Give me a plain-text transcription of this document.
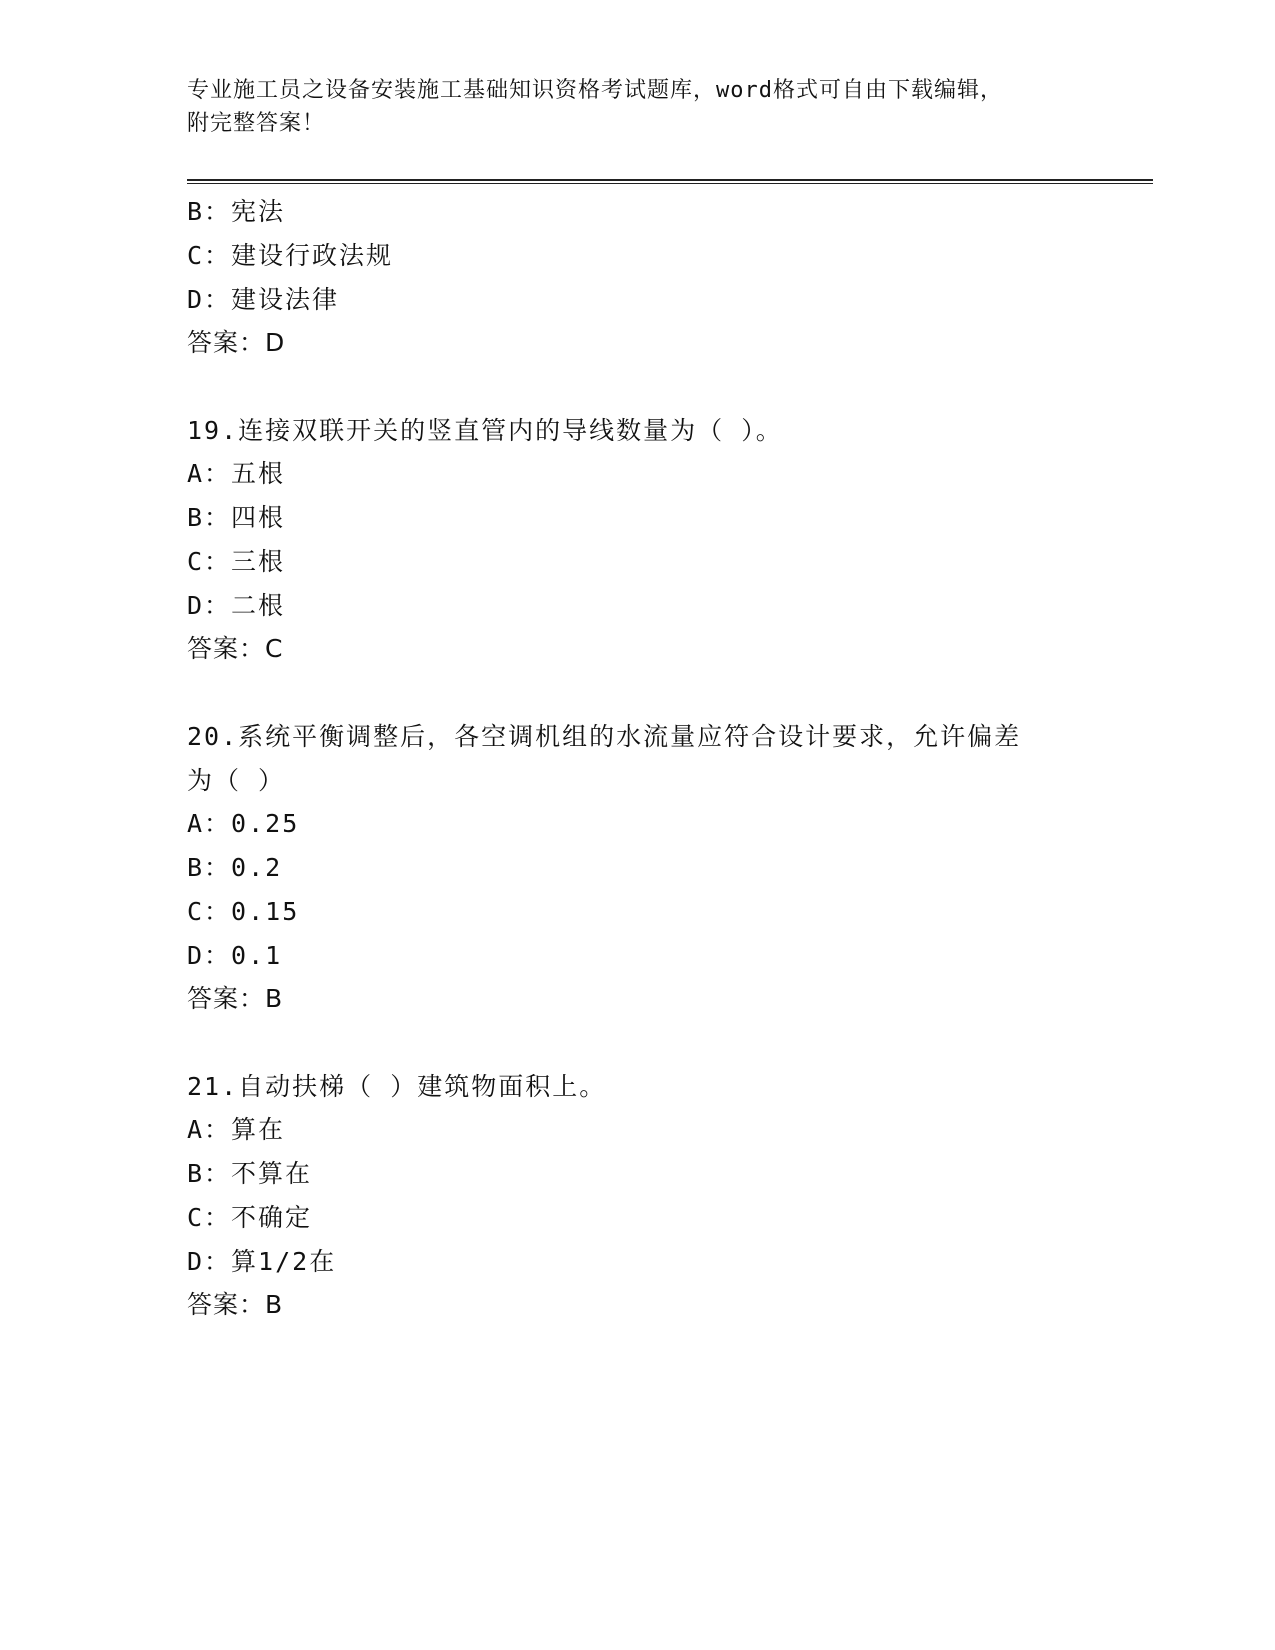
专业施工员之设备安装施工基础知识资格考试题库，word格式可自由下载编辑，
附完整答案！
B：宪法
C：建设行政法规
D：建设法律
答案：D
19.连接双联开关的竖直管内的导线数量为（ ）。
A：五根
B：四根
C：三根
D：二根
答案：C
20.系统平衡调整后，各空调机组的水流量应符合设计要求，允许偏差
为（ ）
A：0.25
B：0.2
C：0.15
D：0.1
答案：B
21.自动扶梯（ ）建筑物面积上。
A：算在
B：不算在
C：不确定
D：算1/2在
答案：B
